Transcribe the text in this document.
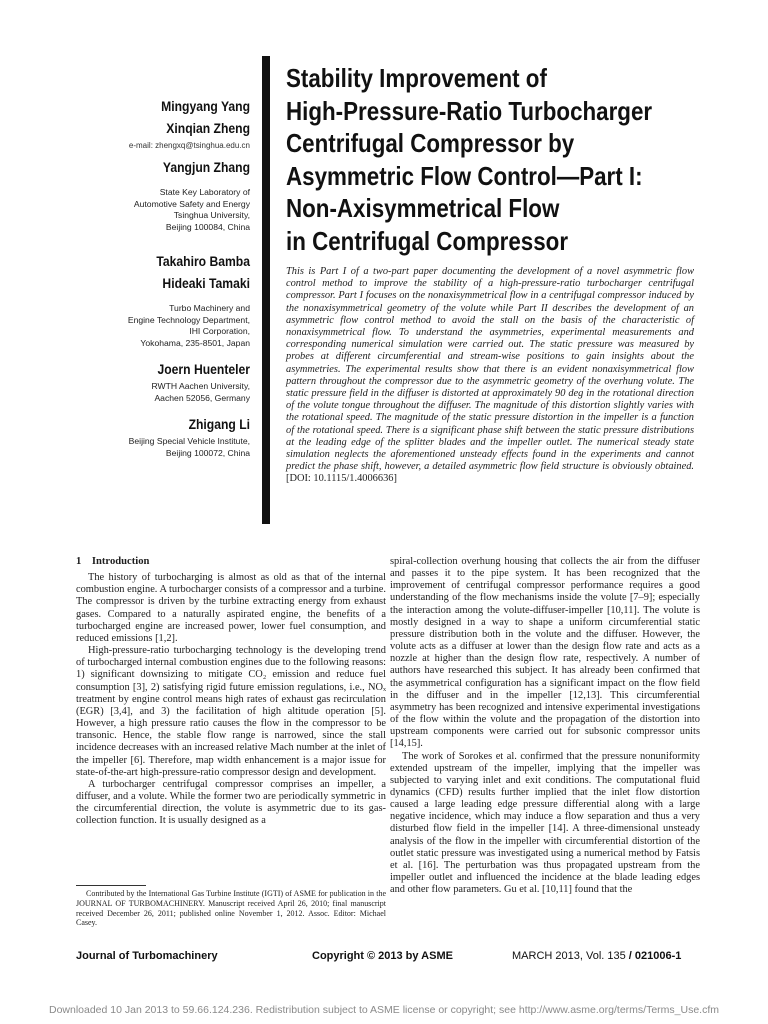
Mingyang Yang
Xinqian Zheng
e-mail: zhengxq@tsinghua.edu.cn
Yangjun Zhang
State Key Laboratory of
Automotive Safety and Energy
Tsinghua University,
Beijing 100084, China
Takahiro Bamba
Hideaki Tamaki
Turbo Machinery and
Engine Technology Department,
IHI Corporation,
Yokohama, 235-8501, Japan
Joern Huenteler
RWTH Aachen University,
Aachen 52056, Germany
Zhigang Li
Beijing Special Vehicle Institute,
Beijing 100072, China
Stability Improvement of
High-Pressure-Ratio Turbocharger
Centrifugal Compressor by
Asymmetric Flow Control—Part I:
Non-Axisymmetrical Flow
in Centrifugal Compressor
This is Part I of a two-part paper documenting the development of a novel asymmetric flow control method to improve the stability of a high-pressure-ratio turbocharger centrifugal compressor. Part I focuses on the nonaxisymmetrical flow in a centrifugal compressor induced by the nonaxisymmetrical geometry of the volute while Part II describes the development of an asymmetric flow control method to avoid the stall on the basis of the characteristic of nonaxisymmetrical flow. To understand the asymmetries, experimental measurements and corresponding numerical simulation were carried out. The static pressure was measured by probes at different circumferential and stream-wise positions to gain insights about the asymmetries. The experimental results show that there is an evident nonaxisymmetrical flow pattern throughout the compressor due to the asymmetric geometry of the overhung volute. The static pressure field in the diffuser is distorted at approximately 90 deg in the rotational direction of the volute tongue throughout the diffuser. The magnitude of this distortion slightly varies with the rotational speed. The magnitude of the static pressure distortion in the impeller is a function of the rotational speed. There is a significant phase shift between the static pressure distributions at the leading edge of the splitter blades and the impeller outlet. The numerical steady state simulation neglects the aforementioned unsteady effects found in the experiments and cannot predict the phase shift, however, a detailed asymmetric flow field structure is obviously obtained. [DOI: 10.1115/1.4006636]
1 Introduction

The history of turbocharging is almost as old as that of the internal combustion engine. A turbocharger consists of a compressor and a turbine. The compressor is driven by the turbine extracting energy from exhaust gases. Compared to a naturally aspirated engine, the benefits of a turbocharged engine are increased power, lower fuel consumption, and reduced emissions [1,2].

High-pressure-ratio turbocharging technology is the developing trend of turbocharged internal combustion engines due to the following reasons: 1) significant downsizing to mitigate CO₂ emission and reduce fuel consumption [3], 2) satisfying rigid future emission regulations, i.e., NOₓ treatment by engine control means high rates of exhaust gas recirculation (EGR) [3,4], and 3) the facilitation of high altitude operation [5]. However, a high pressure ratio causes the flow in the compressor to be transonic. Hence, the stable flow range is narrowed, since the stall incidence decreases with an increased relative Mach number at the inlet of the impeller [6]. Therefore, map width enhancement is a major issue for state-of-the-art high-pressure-ratio compressor design and development.

A turbocharger centrifugal compressor comprises an impeller, a diffuser, and a volute. While the former two are periodically symmetric in the circumferential direction, the volute is asymmetric due to its gas-collection function. It is usually designed as a

spiral-collection overhung housing that collects the air from the diffuser and passes it to the pipe system. It has been recognized that the improvement of centrifugal compressor performance requires a good understanding of the flow mechanisms inside the volute [7–9]; especially the interaction among the volute-diffuser-impeller [10,11]. The volute is mostly designed in a way to shape a uniform circumferential static pressure distribution both in the volute and the diffuser. However, the volute acts as a diffuser at lower than the design flow rate and acts as a nozzle at higher than the design flow rate, respectively. A number of authors have researched this subject. It has already been confirmed that the asymmetrical configuration has a significant impact on the flow field in the diffuser and in the impeller [12,13]. This circumferential asymmetry has been recognized and intensive experimental investigations of the flow within the volute and the propagation of the distortion into upstream components were carried out for subsonic compressor units [14,15].

The work of Sorokes et al. confirmed that the pressure nonuniformity extended upstream of the impeller, implying that the impeller was subjected to varying inlet and exit conditions. The computational fluid dynamics (CFD) results further implied that the inlet flow distortion caused a large leading edge pressure differential along with a large negative incidence, which may induce a flow separation and thus a very disturbed flow field in the impeller [14]. A three-dimensional unsteady analysis of the flow in the impeller with circumferential distortion of the outlet static pressure was investigated using a numerical method by Fatsis et al. [16]. The perturbation was thus propagated upstream from the impeller outlet and influenced the incidence at the blade leading edges and other flow parameters. Gu et al. [10,11] found that the

Contributed by the International Gas Turbine Institute (IGTI) of ASME for publication in the JOURNAL OF TURBOMACHINERY. Manuscript received April 26, 2010; final manuscript received December 26, 2011; published online November 1, 2012. Assoc. Editor: Michael Casey.

Journal of Turbomachinery	Copyright © 2013 by ASME	MARCH 2013, Vol. 135 / 021006-1
Downloaded 10 Jan 2013 to 59.66.124.236. Redistribution subject to ASME license or copyright; see http://www.asme.org/terms/Terms_Use.cfm
